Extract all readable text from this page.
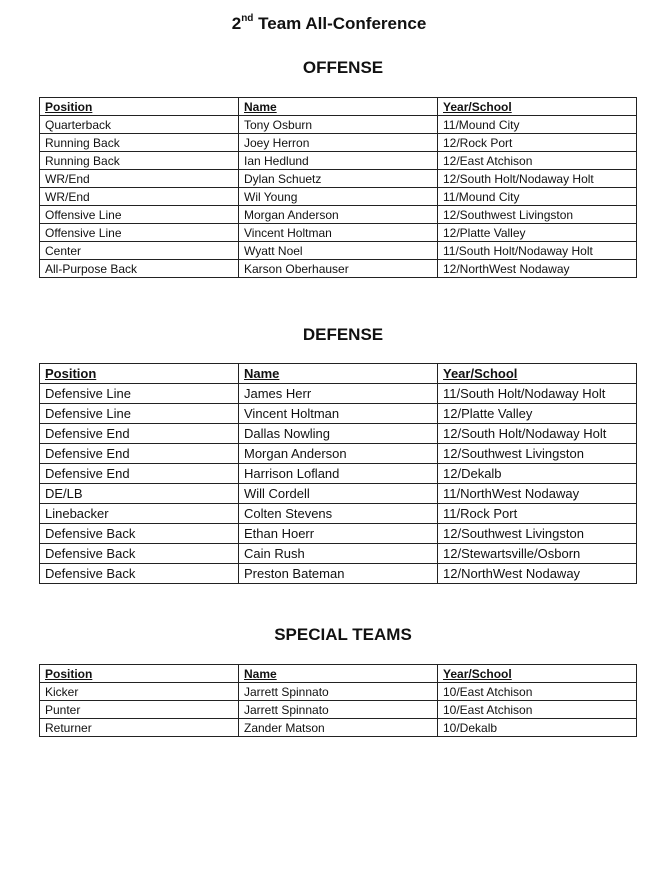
2nd Team All-Conference
OFFENSE
Position	Name	Year/School
Quarterback	Tony Osburn	11/Mound City
Running Back	Joey Herron	12/Rock Port
Running Back	Ian Hedlund	12/East Atchison
WR/End	Dylan Schuetz	12/South Holt/Nodaway Holt
WR/End	Wil Young	11/Mound City
Offensive Line	Morgan Anderson	12/Southwest Livingston
Offensive Line	Vincent Holtman	12/Platte Valley
Center	Wyatt Noel	11/South Holt/Nodaway Holt
All-Purpose Back	Karson Oberhauser	12/NorthWest Nodaway
DEFENSE
Position	Name	Year/School
Defensive Line	James Herr	11/South Holt/Nodaway Holt
Defensive Line	Vincent Holtman	12/Platte Valley
Defensive End	Dallas Nowling	12/South Holt/Nodaway Holt
Defensive End	Morgan Anderson	12/Southwest Livingston
Defensive End	Harrison Lofland	12/Dekalb
DE/LB	Will Cordell	11/NorthWest Nodaway
Linebacker	Colten Stevens	11/Rock Port
Defensive Back	Ethan Hoerr	12/Southwest Livingston
Defensive Back	Cain Rush	12/Stewartsville/Osborn
Defensive Back	Preston Bateman	12/NorthWest Nodaway
SPECIAL TEAMS
Position	Name	Year/School
Kicker	Jarrett Spinnato	10/East Atchison
Punter	Jarrett Spinnato	10/East Atchison
Returner	Zander Matson	10/Dekalb
